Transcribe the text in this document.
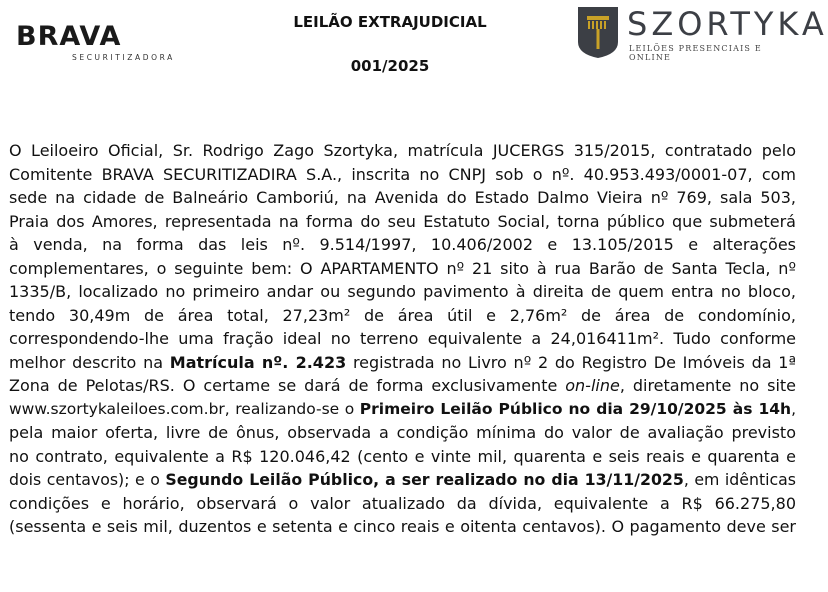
BRAVA
SECURITIZADORA
LEILÃO EXTRAJUDICIAL
001/2025
SZORTYKA
LEILÕES PRESENCIAIS E ONLINE

O Leiloeiro Oficial, Sr. Rodrigo Zago Szortyka, matrícula JUCERGS 315/2015, contratado pelo
Comitente BRAVA SECURITIZADIRA S.A., inscrita no CNPJ sob o nº. 40.953.493/0001-07, com
sede na cidade de Balneário Camboriú, na Avenida do Estado Dalmo Vieira nº 769, sala 503,
Praia dos Amores, representada na forma do seu Estatuto Social, torna público que submeterá
à venda, na forma das leis nº. 9.514/1997, 10.406/2002 e 13.105/2015 e alterações
complementares, o seguinte bem: O APARTAMENTO nº 21 sito à rua Barão de Santa Tecla, nº
1335/B, localizado no primeiro andar ou segundo pavimento à direita de quem entra no bloco,
tendo 30,49m de área total, 27,23m² de área útil e 2,76m² de área de condomínio,
correspondendo-lhe uma fração ideal no terreno equivalente a 24,016411m². Tudo conforme
melhor descrito na Matrícula nº. 2.423 registrada no Livro nº 2 do Registro De Imóveis da 1ª
Zona de Pelotas/RS. O certame se dará de forma exclusivamente on-line, diretamente no site
www.szortykaleiloes.com.br, realizando-se o Primeiro Leilão Público no dia 29/10/2025 às 14h,
pela maior oferta, livre de ônus, observada a condição mínima do valor de avaliação previsto
no contrato, equivalente a R$ 120.046,42 (cento e vinte mil, quarenta e seis reais e quarenta e
dois centavos); e o Segundo Leilão Público, a ser realizado no dia 13/11/2025, em idênticas
condições e horário, observará o valor atualizado da dívida, equivalente a R$ 66.275,80
(sessenta e seis mil, duzentos e setenta e cinco reais e oitenta centavos). O pagamento deve ser
